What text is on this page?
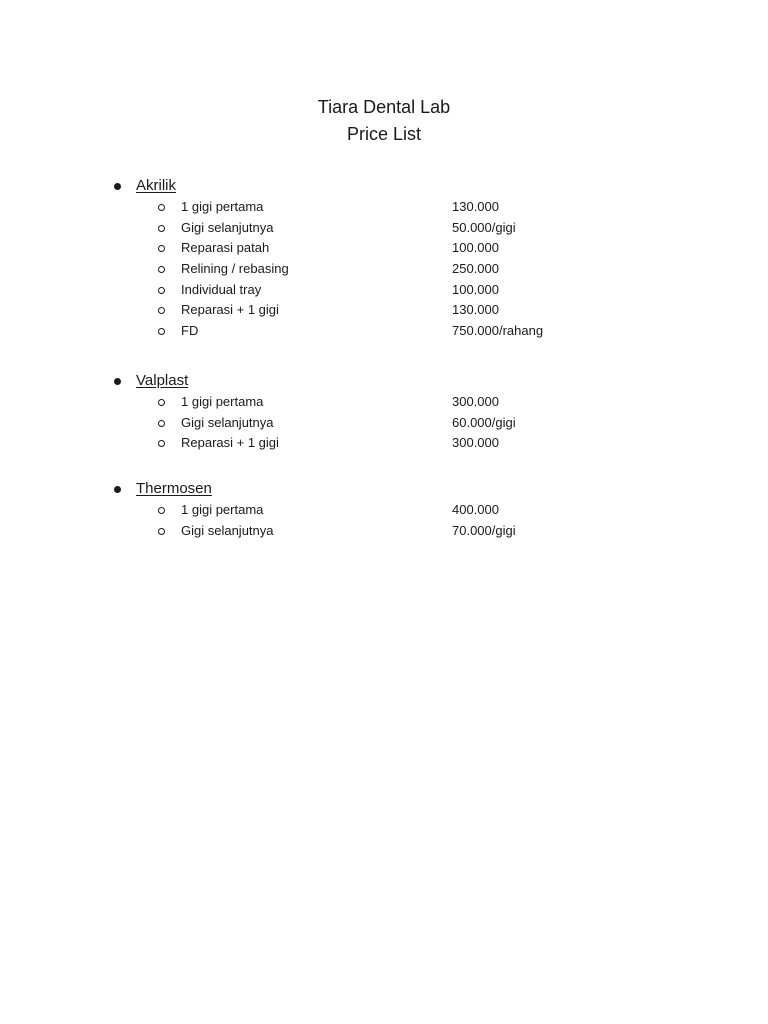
Tiara Dental Lab
Price List
Akrilik
1 gigi pertama	130.000
Gigi selanjutnya	50.000/gigi
Reparasi patah	100.000
Relining / rebasing	250.000
Individual tray	100.000
Reparasi + 1 gigi	130.000
FD	750.000/rahang
Valplast
1 gigi pertama	300.000
Gigi selanjutnya	60.000/gigi
Reparasi + 1 gigi	300.000
Thermosen
1 gigi pertama	400.000
Gigi selanjutnya	70.000/gigi
